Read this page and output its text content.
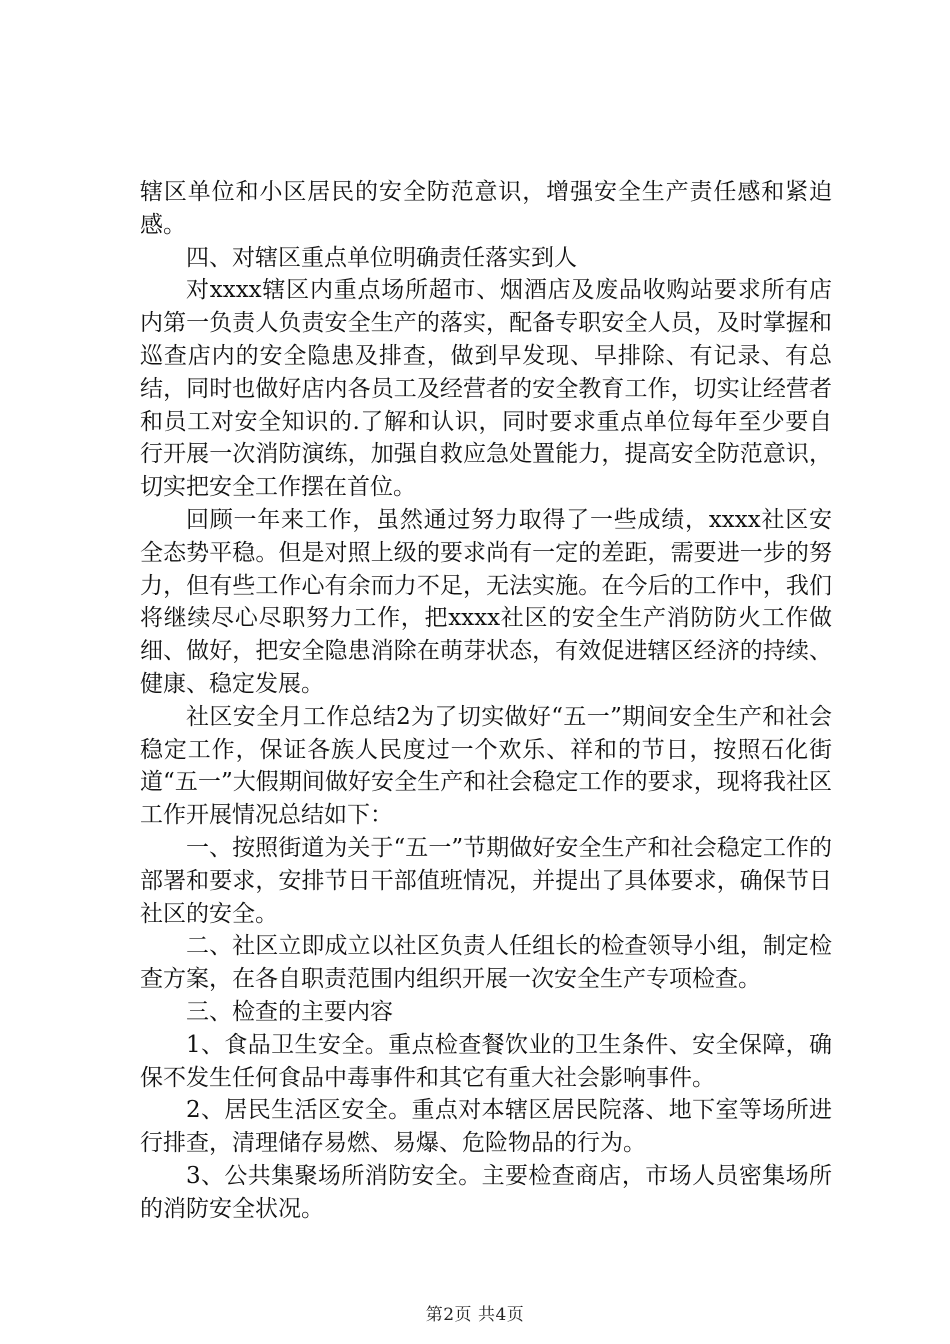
辖区单位和小区居民的安全防范意识，增强安全生产责任感和紧迫感。

四、对辖区重点单位明确责任落实到人

对xxxx辖区内重点场所超市、烟酒店及废品收购站要求所有店内第一负责人负责安全生产的落实，配备专职安全人员，及时掌握和巡查店内的安全隐患及排查，做到早发现、早排除、有记录、有总结，同时也做好店内各员工及经营者的安全教育工作，切实让经营者和员工对安全知识的.了解和认识，同时要求重点单位每年至少要自行开展一次消防演练，加强自救应急处置能力，提高安全防范意识，切实把安全工作摆在首位。

回顾一年来工作，虽然通过努力取得了一些成绩，xxxx社区安全态势平稳。但是对照上级的要求尚有一定的差距，需要进一步的努力，但有些工作心有余而力不足，无法实施。在今后的工作中，我们将继续尽心尽职努力工作，把xxxx社区的安全生产消防防火工作做细、做好，把安全隐患消除在萌芽状态，有效促进辖区经济的持续、健康、稳定发展。

社区安全月工作总结2为了切实做好“五一”期间安全生产和社会稳定工作，保证各族人民度过一个欢乐、祥和的节日，按照石化街道“五一”大假期间做好安全生产和社会稳定工作的要求，现将我社区工作开展情况总结如下：

一、按照街道为关于“五一”节期做好安全生产和社会稳定工作的部署和要求，安排节日干部值班情况，并提出了具体要求，确保节日社区的安全。

二、社区立即成立以社区负责人任组长的检查领导小组，制定检查方案，在各自职责范围内组织开展一次安全生产专项检查。

三、检查的主要内容

1、食品卫生安全。重点检查餐饮业的卫生条件、安全保障，确保不发生任何食品中毒事件和其它有重大社会影响事件。

2、居民生活区安全。重点对本辖区居民院落、地下室等场所进行排查，清理储存易燃、易爆、危险物品的行为。

3、公共集聚场所消防安全。主要检查商店，市场人员密集场所的消防安全状况。

第2页 共4页
